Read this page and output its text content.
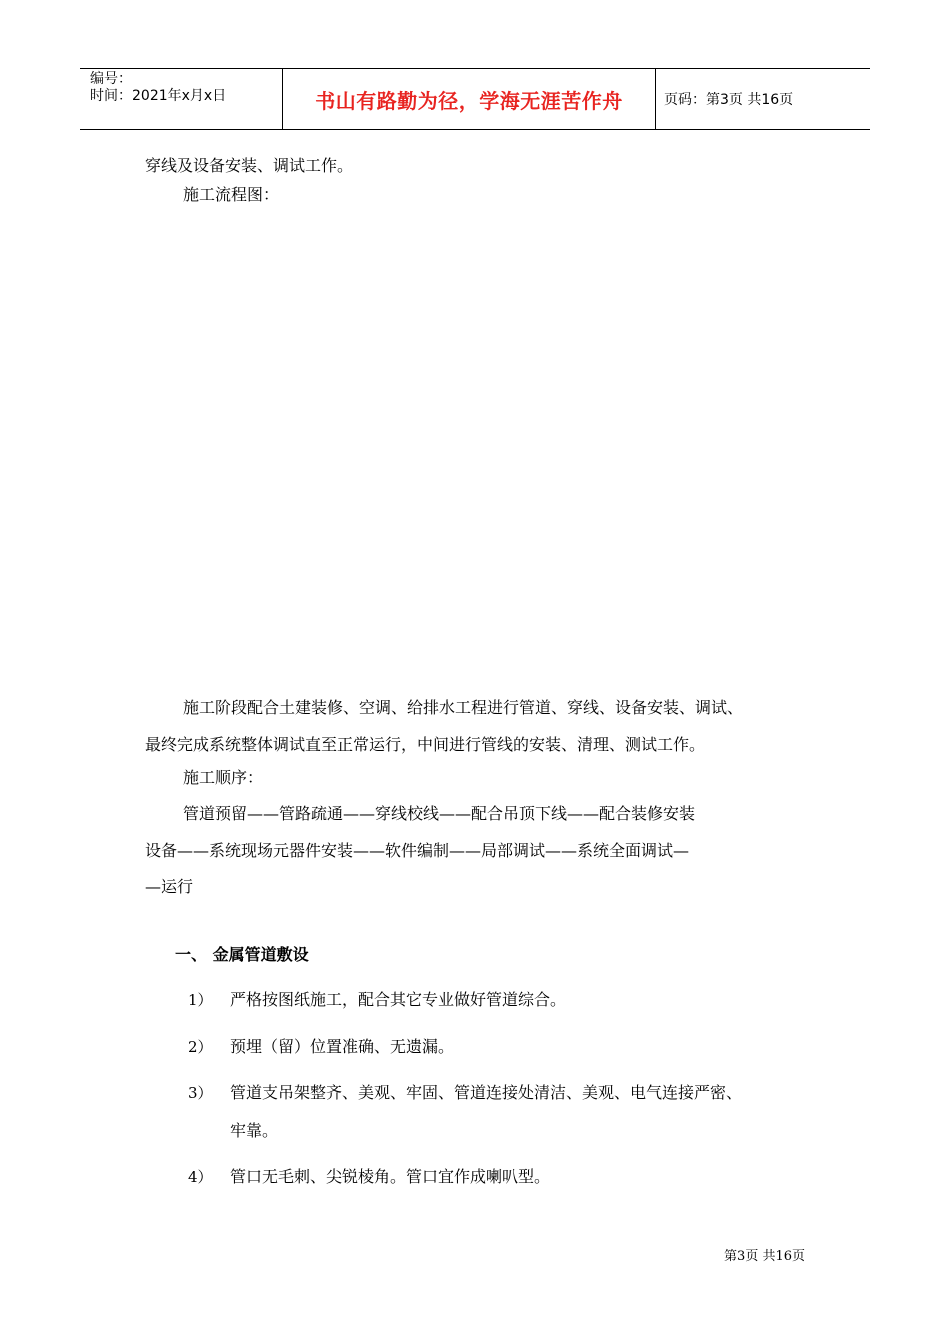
编号：
时间：2021年x月x日	书山有路勤为径，学海无涯苦作舟	页码：第3页 共16页
穿线及设备安装、调试工作。
施工流程图：
施工阶段配合土建装修、空调、给排水工程进行管道、穿线、设备安装、调试、
最终完成系统整体调试直至正常运行，中间进行管线的安装、清理、测试工作。
施工顺序：
管道预留——管路疏通——穿线校线——配合吊顶下线——配合装修安装
设备——系统现场元器件安装——软件编制——局部调试——系统全面调试—
—运行
一、 金属管道敷设
1） 严格按图纸施工，配合其它专业做好管道综合。
2） 预埋（留）位置准确、无遗漏。
3） 管道支吊架整齐、美观、牢固、管道连接处清洁、美观、电气连接严密、
牢靠。
4） 管口无毛刺、尖锐棱角。管口宜作成喇叭型。
第3页 共16页
